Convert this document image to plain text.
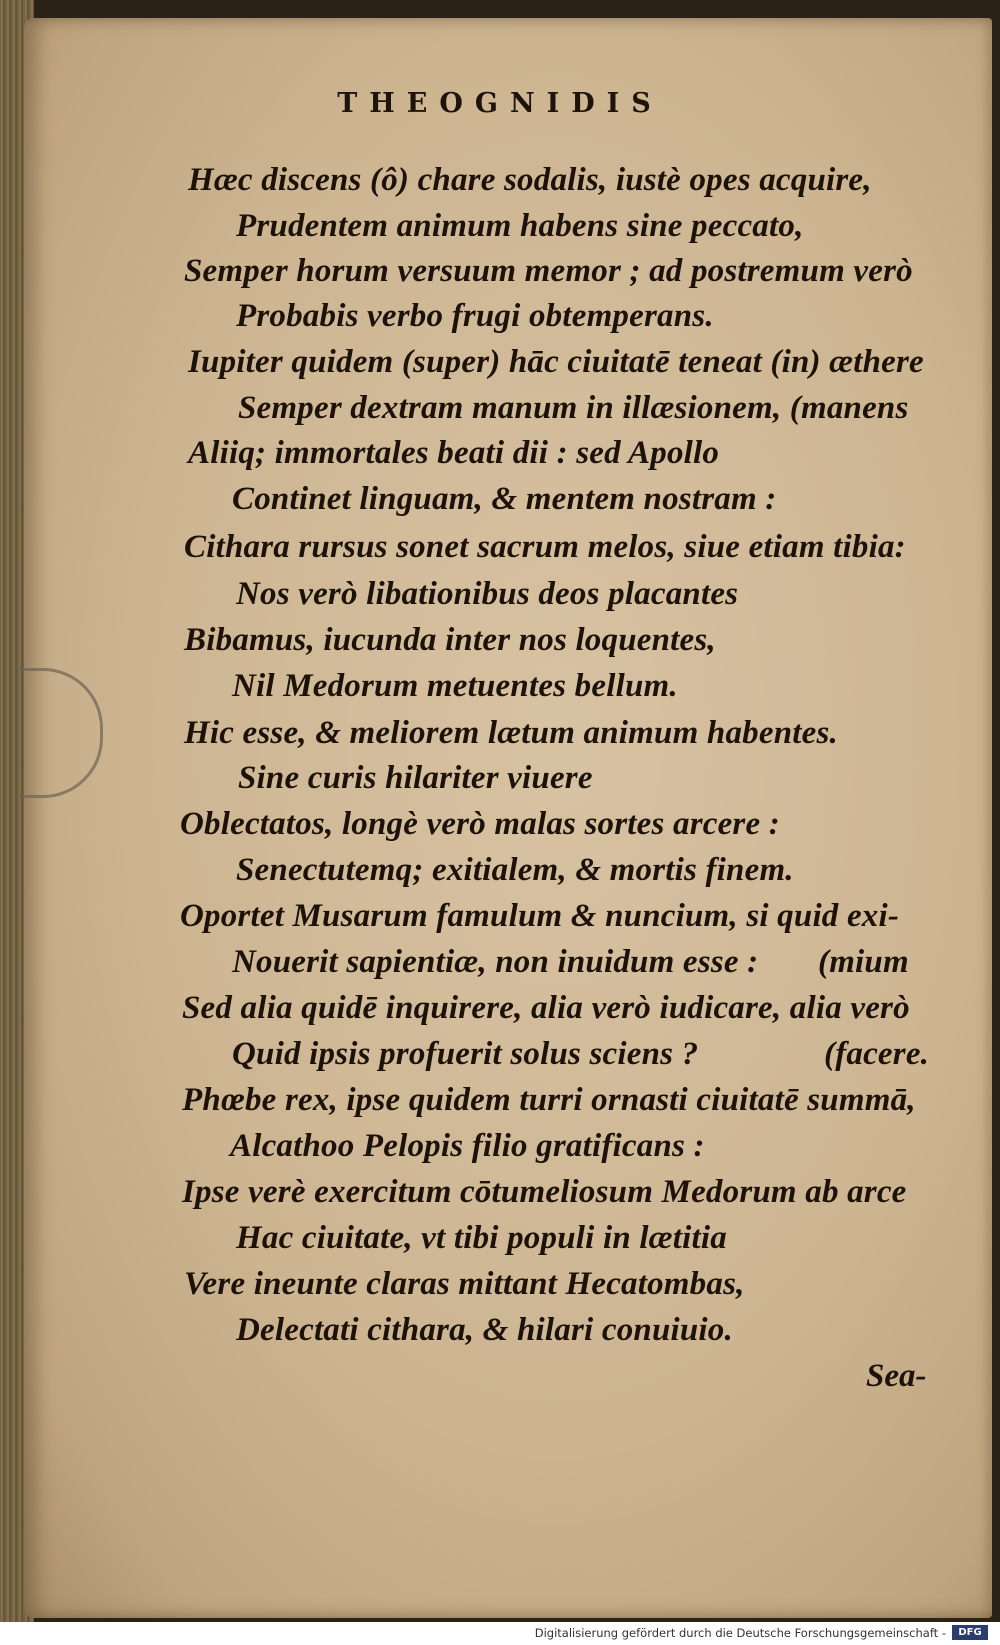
THEOGNIDIS
Hæc discens (ô) chare sodalis, iustè opes acquire,
Prudentem animum habens sine peccato,
Semper horum versuum memor ; ad postremum verò
Probabis verbo frugi obtemperans.
Iupiter quidem (super) hāc ciuitatē teneat (in) æthere
Semper dextram manum in illæsionem, (manens
Aliiq; immortales beati dii : sed Apollo
Continet linguam, & mentem nostram :
Cithara rursus sonet sacrum melos, siue etiam tibia:
Nos verò libationibus deos placantes
Bibamus, iucunda inter nos loquentes,
Nil Medorum metuentes bellum.
Hic esse, & meliorem lætum animum habentes.
Sine curis hilariter viuere
Oblectatos, longè verò malas sortes arcere :
Senectutemq; exitialem, & mortis finem.
Oportet Musarum famulum & nuncium, si quid exi-
Nouerit sapientiæ, non inuidum esse : (mium
Sed alia quidē inquirere, alia verò iudicare, alia verò
Quid ipsis profuerit solus sciens ?	(facere.
Phœbe rex, ipse quidem turri ornasti ciuitatē summā,
Alcathoo Pelopis filio gratificans :
Ipse verè exercitum cōtumeliosum Medorum ab arce
Hac ciuitate, vt tibi populi in lætitia
Vere ineunte claras mittant Hecatombas,
Delectati cithara, & hilari conuiuio.
Sea-
Digitalisierung gefördert durch die Deutsche Forschungsgemeinschaft -	DFG
